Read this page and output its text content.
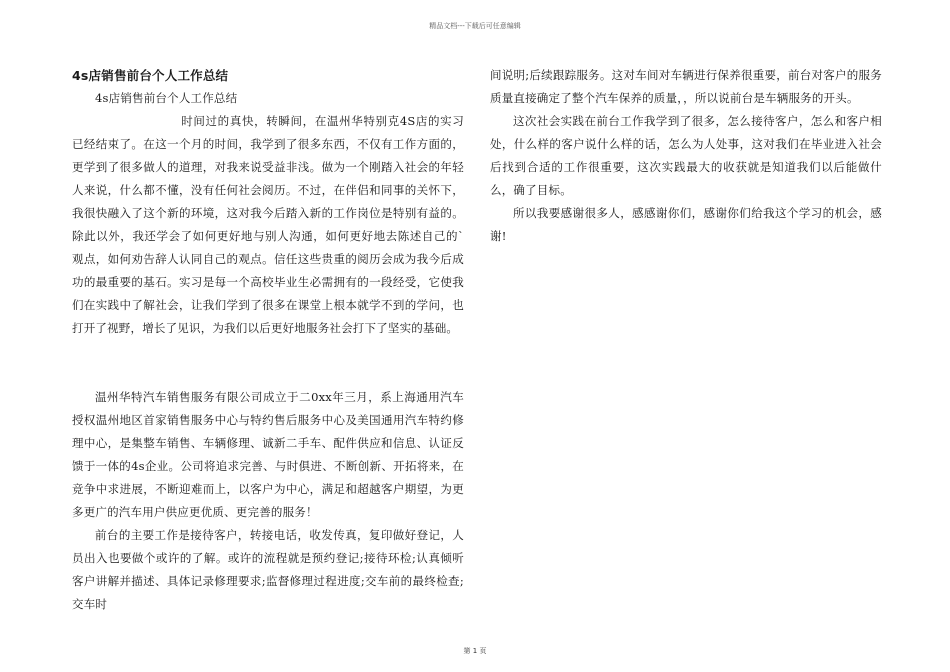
精品文档---下载后可任意编辑
4s店销售前台个人工作总结

4s店销售前台个人工作总结

时间过的真快，转瞬间，在温州华特别克4S店的实习已经结束了。在这一个月的时间，我学到了很多东西，不仅有工作方面的，更学到了很多做人的道理，对我来说受益非浅。做为一个刚踏入社会的年轻人来说，什么都不懂，没有任何社会阅历。不过，在伴侣和同事的关怀下，我很快融入了这个新的环境，这对我今后踏入新的工作岗位是特别有益的。除此以外，我还学会了如何更好地与别人沟通，如何更好地去陈述自己的`观点，如何劝告辞人认同自己的观点。信任这些贵重的阅历会成为我今后成功的最重要的基石。实习是每一个高校毕业生必需拥有的一段经受，它使我们在实践中了解社会，让我们学到了很多在课堂上根本就学不到的学问，也打开了视野，增长了见识，为我们以后更好地服务社会打下了坚实的基础。

温州华特汽车销售服务有限公司成立于二0xx年三月，系上海通用汽车授权温州地区首家销售服务中心与特约售后服务中心及美国通用汽车特约修理中心，是集整车销售、车辆修理、诚新二手车、配件供应和信息、认证反馈于一体的4s企业。公司将追求完善、与时俱进、不断创新、开拓将来，在竞争中求进展，不断迎难而上，以客户为中心，满足和超越客户期望，为更多更广的汽车用户供应更优质、更完善的服务！

前台的主要工作是接待客户，转接电话，收发传真，复印做好登记，人员出入也要做个或许的了解。或许的流程就是预约登记;接待环检;认真倾听客户讲解并描述、具体记录修理要求;监督修理过程进度;交车前的最终检查;交车时

间说明;后续跟踪服务。这对车间对车辆进行保养很重要，前台对客户的服务质量直接确定了整个汽车保养的质量，，所以说前台是车辆服务的开头。

这次社会实践在前台工作我学到了很多，怎么接待客户，怎么和客户相处，什么样的客户说什么样的话，怎么为人处事，这对我们在毕业进入社会后找到合适的工作很重要，这次实践最大的收获就是知道我们以后能做什么，确了目标。

所以我要感谢很多人，感感谢你们，感谢你们给我这个学习的机会，感谢!

第 1 页
